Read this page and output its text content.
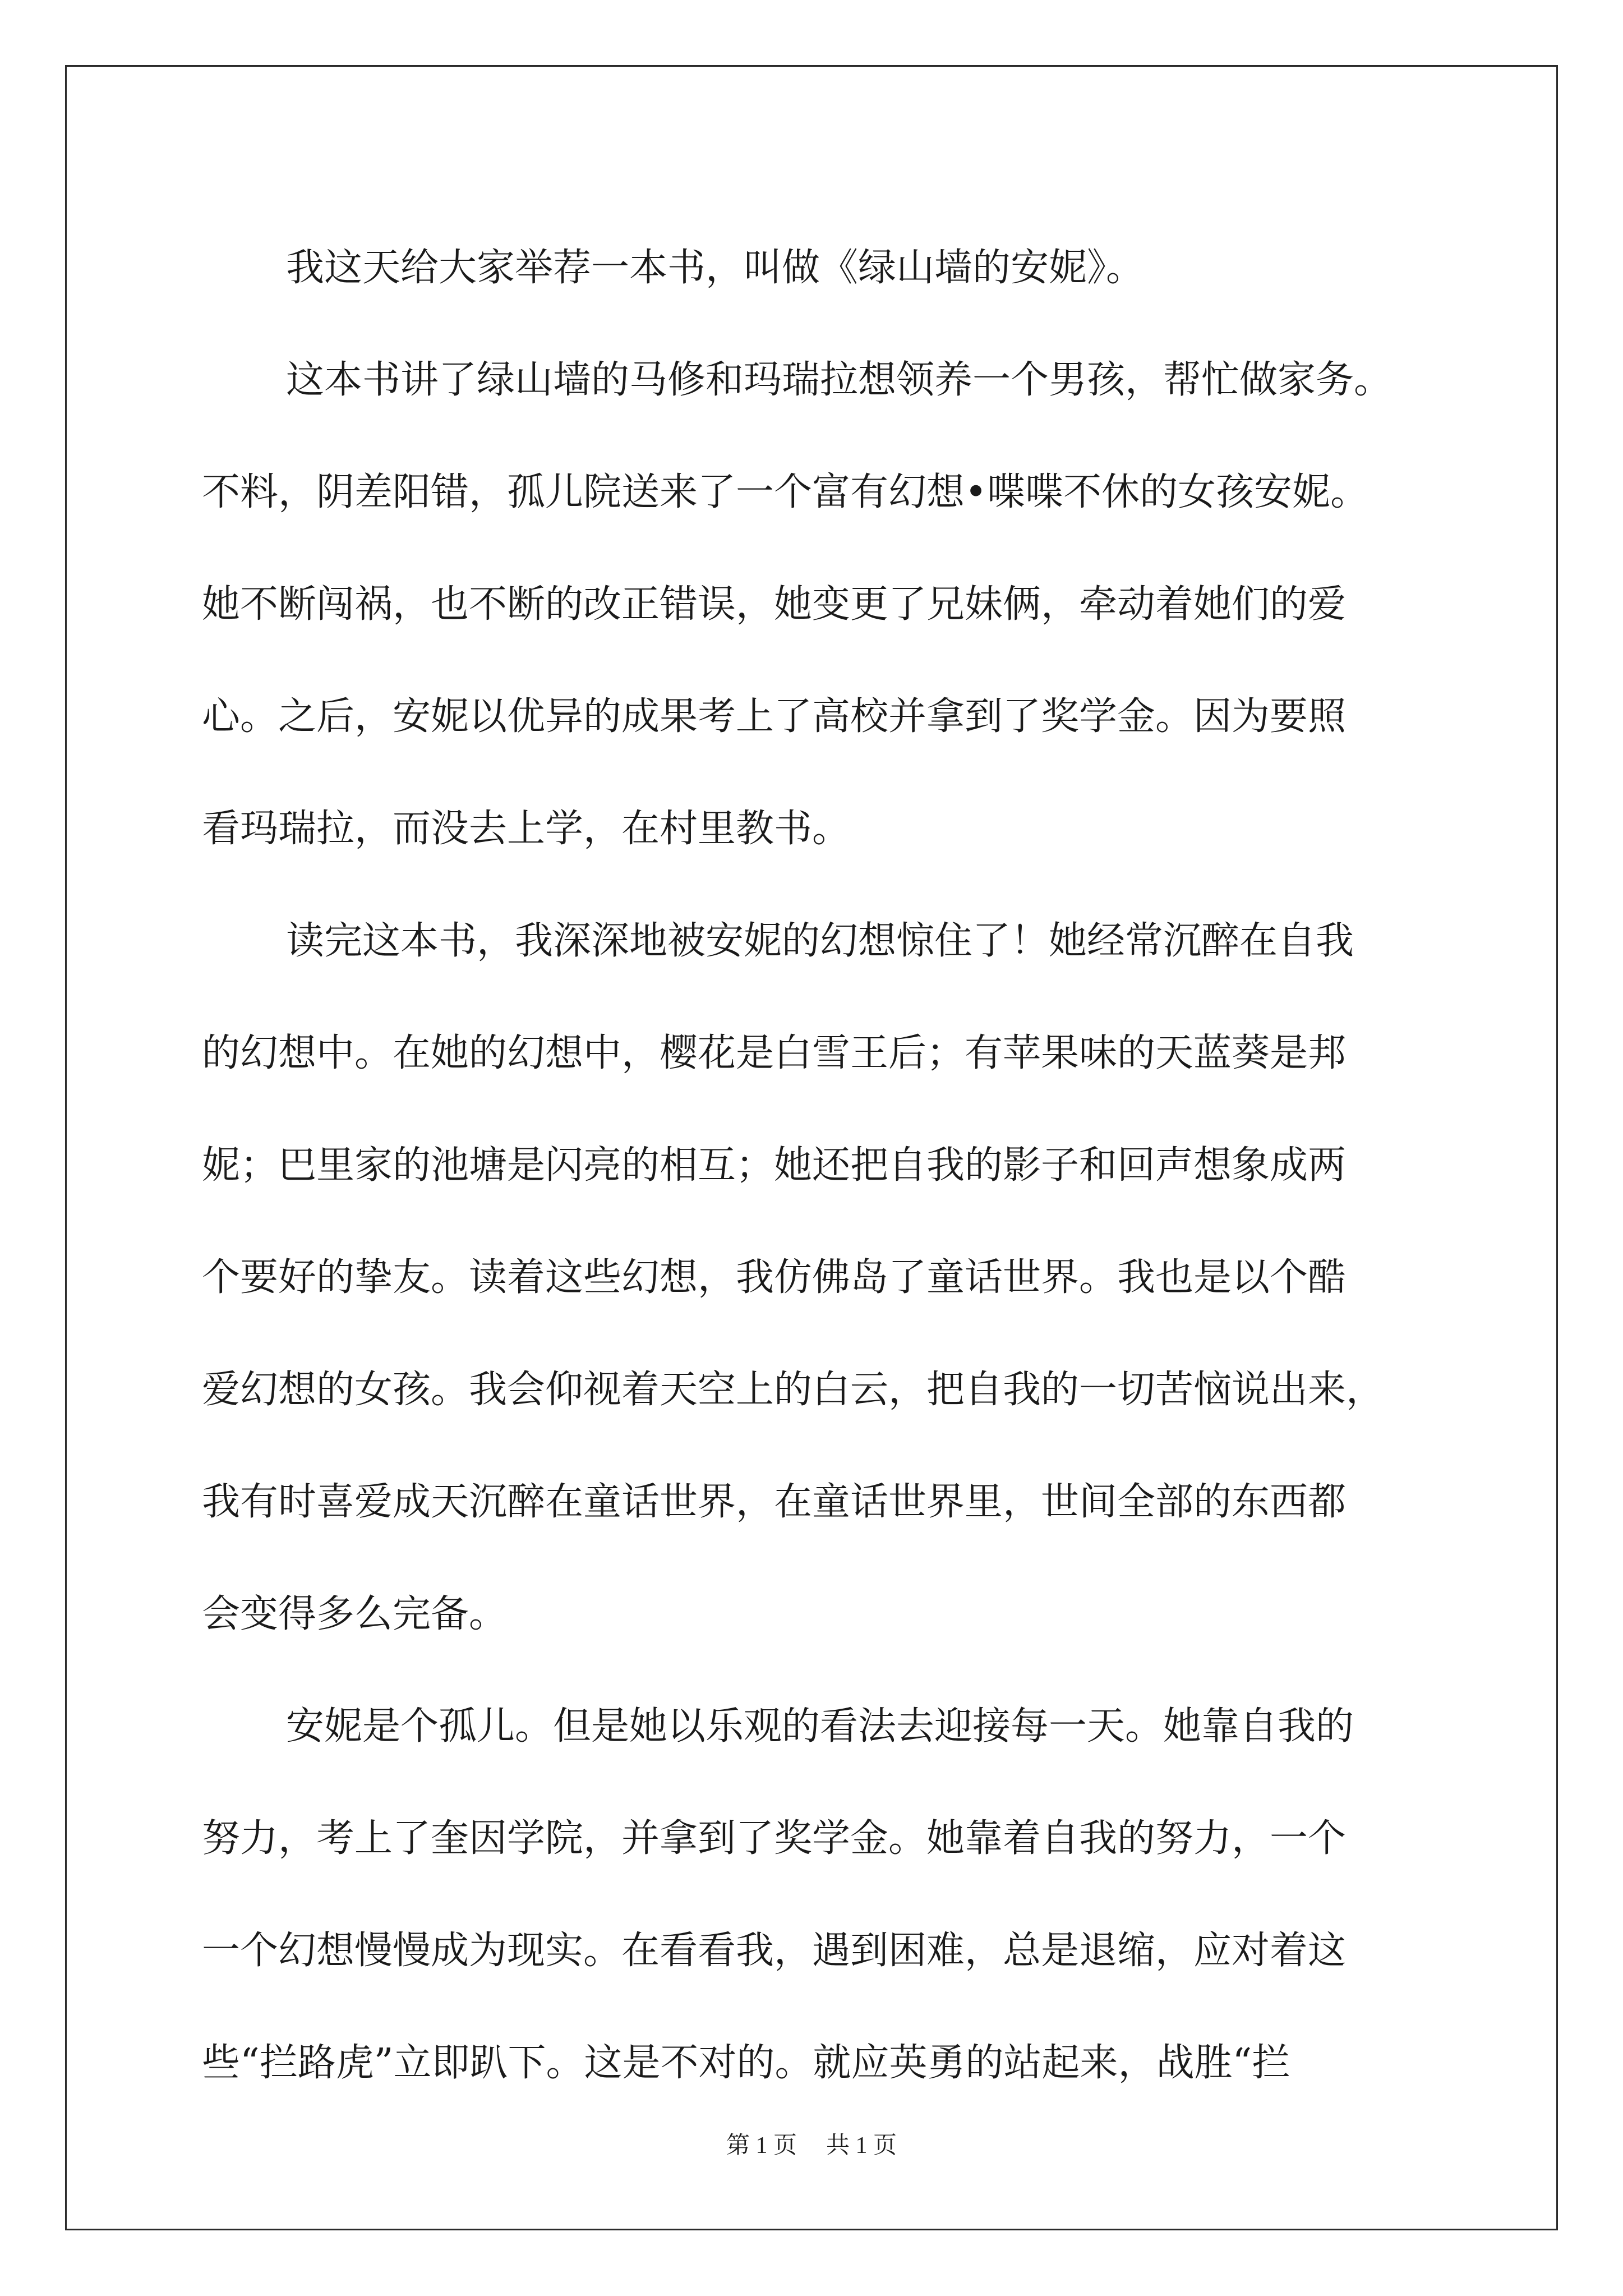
我这天给大家举荐一本书，叫做《绿山墙的安妮》。
这本书讲了绿山墙的马修和玛瑞拉想领养一个男孩，帮忙做家务。
不料，阴差阳错，孤儿院送来了一个富有幻想•喋喋不休的女孩安妮。
她不断闯祸，也不断的改正错误，她变更了兄妹俩，牵动着她们的爱
心。之后，安妮以优异的成果考上了高校并拿到了奖学金。因为要照
看玛瑞拉，而没去上学，在村里教书。
读完这本书，我深深地被安妮的幻想惊住了！她经常沉醉在自我
的幻想中。在她的幻想中，樱花是白雪王后；有苹果味的天蓝葵是邦
妮；巴里家的池塘是闪亮的相互；她还把自我的影子和回声想象成两
个要好的挚友。读着这些幻想，我仿佛岛了童话世界。我也是以个酷
爱幻想的女孩。我会仰视着天空上的白云，把自我的一切苦恼说出来，
我有时喜爱成天沉醉在童话世界，在童话世界里，世间全部的东西都
会变得多么完备。
安妮是个孤儿。但是她以乐观的看法去迎接每一天。她靠自我的
努力，考上了奎因学院，并拿到了奖学金。她靠着自我的努力，一个
一个幻想慢慢成为现实。在看看我，遇到困难，总是退缩，应对着这
些“拦路虎”立即趴下。这是不对的。就应英勇的站起来，战胜“拦
第 1 页 共 1 页
